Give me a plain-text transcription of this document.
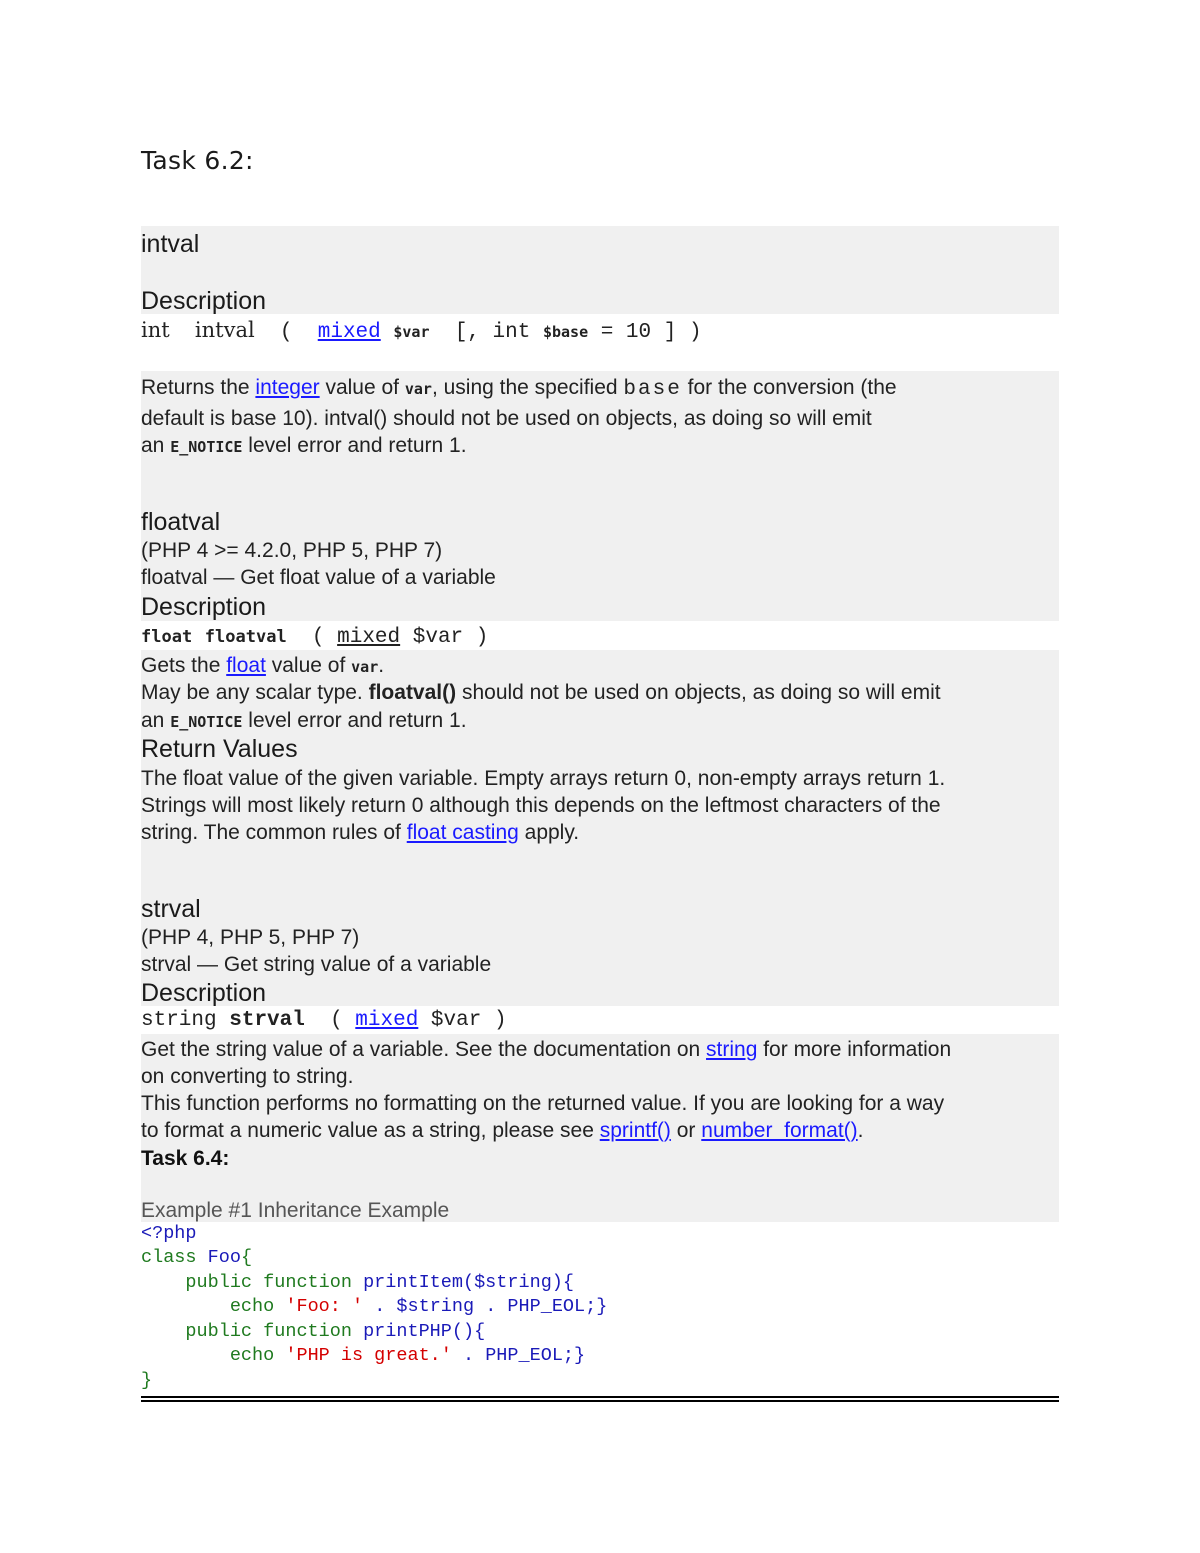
Task 6.2:
intval
Description
int intval ( mixed $var [, int $base = 10 ] )
Returns the integer value of var, using the specified base for the conversion (the
default is base 10). intval() should not be used on objects, as doing so will emit
an E_NOTICE level error and return 1.
floatval
(PHP 4 >= 4.2.0, PHP 5, PHP 7)
floatval — Get float value of a variable
Description
float floatval ( mixed $var )
Gets the float value of var.
May be any scalar type. floatval() should not be used on objects, as doing so will emit
an E_NOTICE level error and return 1.
Return Values
The float value of the given variable. Empty arrays return 0, non-empty arrays return 1.
Strings will most likely return 0 although this depends on the leftmost characters of the
string. The common rules of float casting apply.
strval
(PHP 4, PHP 5, PHP 7)
strval — Get string value of a variable
Description
string strval ( mixed $var )
Get the string value of a variable. See the documentation on string for more information
on converting to string.
This function performs no formatting on the returned value. If you are looking for a way
to format a numeric value as a string, please see sprintf() or number_format().
Task 6.4:
Example #1 Inheritance Example
<?php
class Foo{
public function printItem($string){
echo 'Foo: ' . $string . PHP_EOL;}
public function printPHP(){
echo 'PHP is great.' . PHP_EOL;}
}
